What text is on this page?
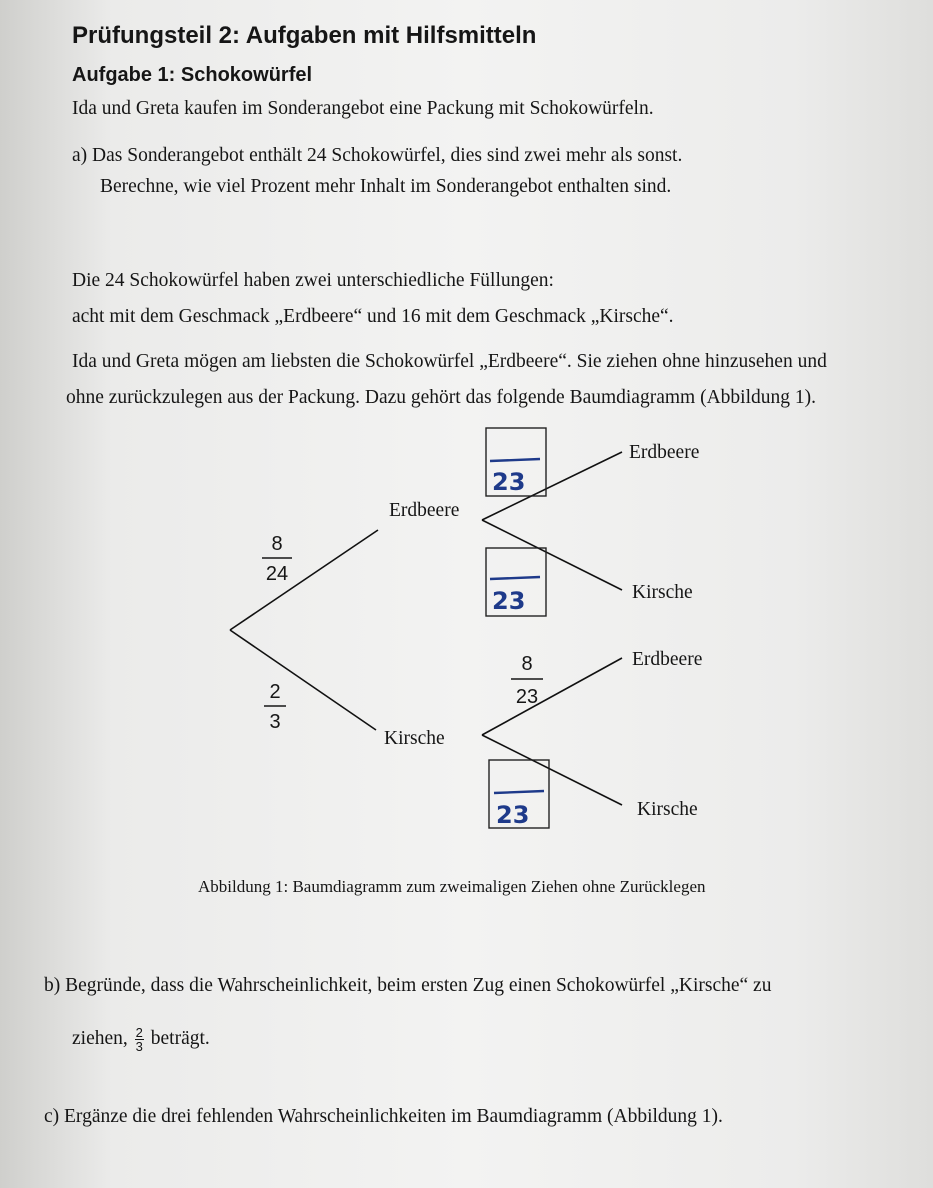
Prüfungsteil 2: Aufgaben mit Hilfsmitteln
Aufgabe 1: Schokowürfel
Ida und Greta kaufen im Sonderangebot eine Packung mit Schokowürfeln.
a) Das Sonderangebot enthält 24 Schokowürfel, dies sind zwei mehr als sonst.
Berechne, wie viel Prozent mehr Inhalt im Sonderangebot enthalten sind.
Die 24 Schokowürfel haben zwei unterschiedliche Füllungen:
acht mit dem Geschmack „Erdbeere“ und 16 mit dem Geschmack „Kirsche“.
Ida und Greta mögen am liebsten die Schokowürfel „Erdbeere“. Sie ziehen ohne hinzusehen und
ohne zurückzulegen aus der Packung. Dazu gehört das folgende Baumdiagramm (Abbildung 1).
23
23
23
8
24
2
3
8
23
Erdbeere
Kirsche
Erdbeere
Kirsche
Erdbeere
Kirsche
Abbildung 1: Baumdiagramm zum zweimaligen Ziehen ohne Zurücklegen
b) Begründe, dass die Wahrscheinlichkeit, beim ersten Zug einen Schokowürfel „Kirsche“ zu
ziehen, $\frac{2}{3}$ beträgt.
c) Ergänze die drei fehlenden Wahrscheinlichkeiten im Baumdiagramm (Abbildung 1).
